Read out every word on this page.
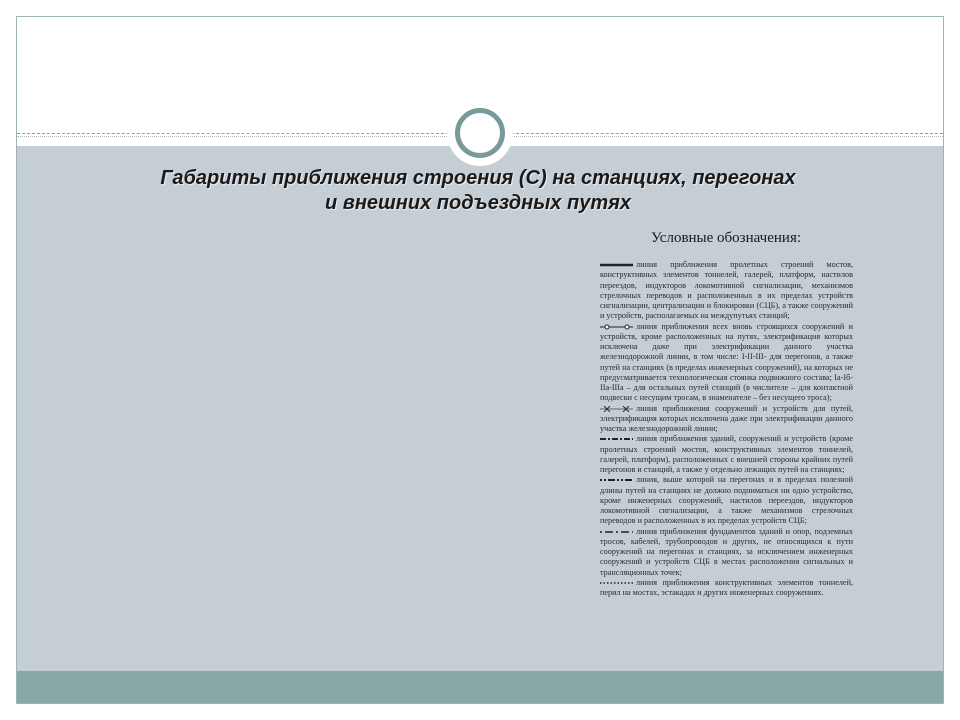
Габариты приближения строения (С) на станциях, перегонах
и внешних подъездных путях
Условные обозначения:

линия приближения пролетных строений мостов, конструктивных элементов тоннелей, галерей, платформ, настилов переездов, индукторов локомотивной сигнализации, механизмов стрелочных переводов и расположенных в их пределах устройств сигнализации, централизации и блокировки (СЦБ), а также сооружений и устройств, располагаемых на междупутьях станций;

линия приближения всех вновь строящихся сооружений и устройств, кроме расположенных на путях, электрификация которых исключена даже при электрификации данного участка железнодорожной линии, в том числе: I-II-III- для перегонов, а также путей на станциях (в пределах инженерных сооружений), на которых не предусматривается технологическая стоянка подвижного состава; Iа-Iб-IIа-IIIа – для остальных путей станций (в числителе – для контактной подвески с несущим тросам, в знаменателе – без несущего троса);

линия приближения сооружений и устройств для путей, электрификация которых исключена даже при электрификации данного участка железнодорожной линии;

линия приближения зданий, сооружений и устройств (кроме пролетных строений мостов, конструктивных элементов тоннелей, галерей, платформ), расположенных с внешней стороны крайних путей перегонов и станций, а также у отдельно лежащих путей на станциях;

линия, выше которой на перегонах и в пределах полезной длины путей на станциях не должно подниматься ни одно устройство, кроме инженерных сооружений, настилов переездов, индукторов локомотивной сигнализации, а также механизмов стрелочных переводов и расположенных в их пределах устройств СЦБ;

линия приближения фундаментов зданий и опор, подземных тросов, кабелей, трубопроводов и других, не относящихся к пути сооружений на перегонах и станциях, за исключением инженерных сооружений и устройств СЦБ в местах расположения сигнальных и трансляционных точек;

линия приближения конструктивных элементов тоннелей, перил на мостах, эстакадах и других инженерных сооружениях.
